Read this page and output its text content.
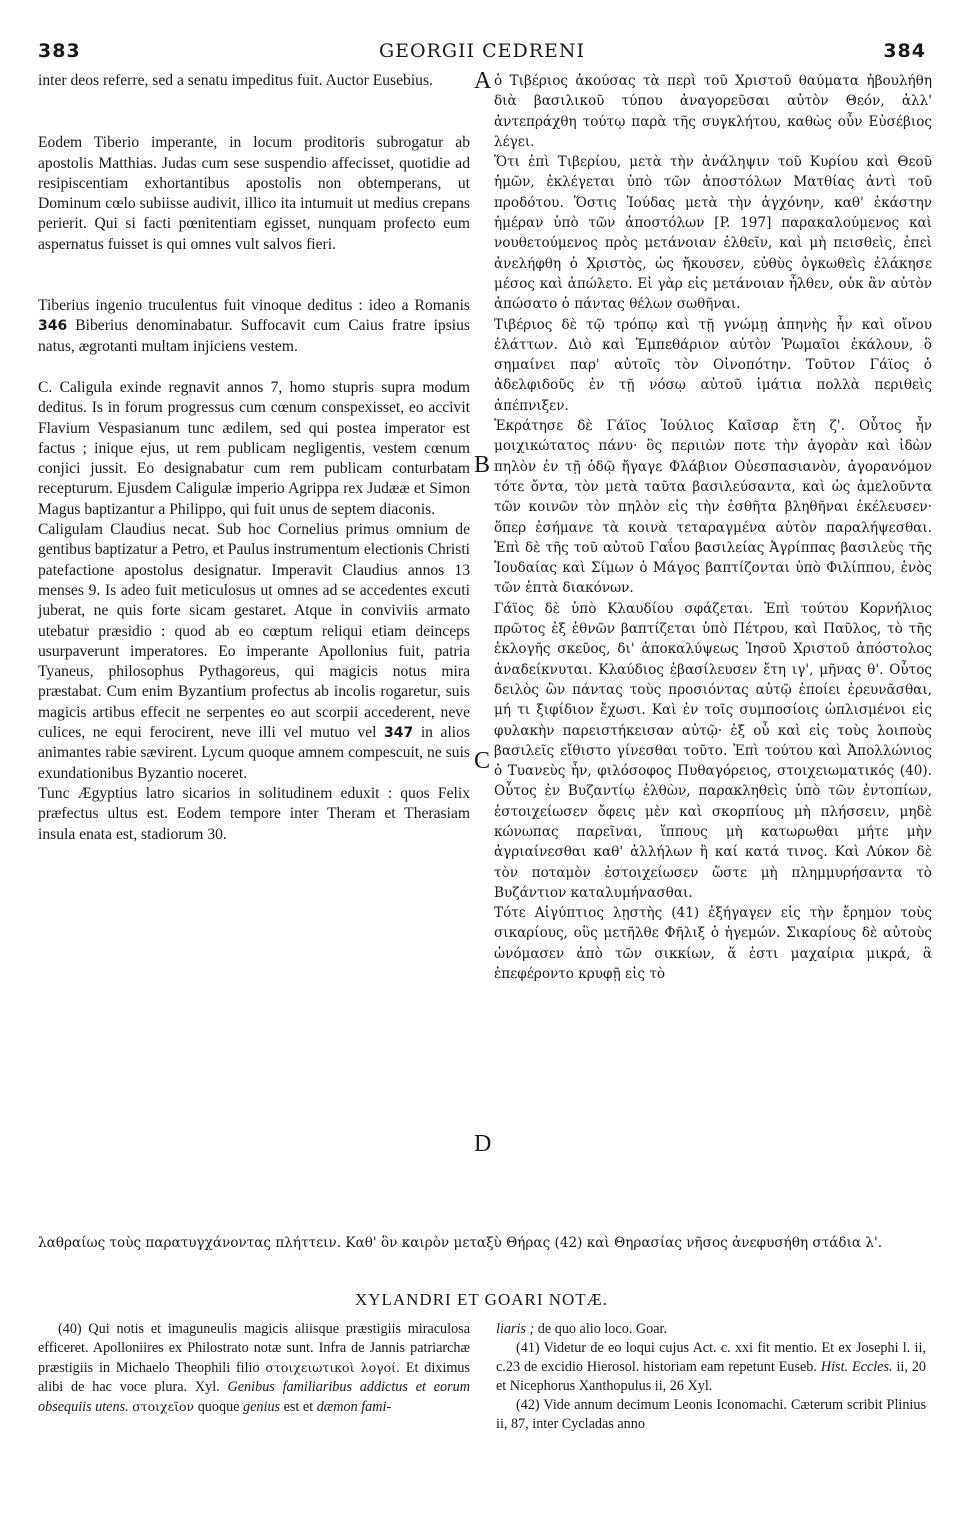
383	GEORGII CEDRENI	384

inter deos referre, sed a senatu impeditus fuit. Auctor Eusebius.

Eodem Tiberio imperante, in locum proditoris subrogatur ab apostolis Matthias. Judas cum sese suspendio affecisset, quotidie ad resipiscentiam exhortantibus apostolis non obtemperans, ut Dominum cœlo subiisse audivit, illico ita intumuit ut medius crepans perierit. Qui si facti pœnitentiam egisset, nunquam profecto eum aspernatus fuisset is qui omnes vult salvos fieri.

Tiberius ingenio truculentus fuit vinoque deditus : ideo a Romanis 346 Biberius denominabatur. Suffocavit cum Caius fratre ipsius natus, ægrotanti multam injiciens vestem.

C. Caligula exinde regnavit annos 7, homo stupris supra modum deditus. Is in forum progressus cum cœnum conspexisset, eo accivit Flavium Vespasianum tunc ædilem, sed qui postea imperator est factus ; inique ejus, ut rem publicam negligentis, vestem cœnum conjici jussit. Eo designabatur cum rem publicam conturbatam recepturum. Ejusdem Caligulæ imperio Agrippa rex Judææ et Simon Magus baptizantur a Philippo, qui fuit unus de septem diaconis.

Caligulam Claudius necat. Sub hoc Cornelius primus omnium de gentibus baptizatur a Petro, et Paulus instrumentum electionis Christi patefactione apostolus designatur. Imperavit Claudius annos 13 menses 9. Is adeo fuit meticulosus ut omnes ad se accedentes excuti juberat, ne quis forte sicam gestaret. Atque in conviviis armato utebatur præsidio : quod ab eo cœptum reliqui etiam deinceps usurpaverunt imperatores. Eo imperante Apollonius fuit, patria Tyaneus, philosophus Pythagoreus, qui magicis notus mira præstabat. Cum enim Byzantium profectus ab incolis rogaretur, suis magicis artibus effecit ne serpentes eo aut scorpii accederent, neve culices, ne equi ferocirent, neve illi vel mutuo vel 347 in alios animantes rabie sævirent. Lycum quoque amnem compescuit, ne suis exundationibus Byzantio noceret.

Tunc Ægyptius latro sicarios in solitudinem eduxit : quos Felix præfectus ultus est. Eodem tempore inter Theram et Therasiam insula enata est, stadiorum 30.

A
B
C
D

ὁ Τιβέριος ἀκούσας τὰ περὶ τοῦ Χριστοῦ θαύματα ἠβουλήθη διὰ βασιλικοῦ τύπου ἀναγορεῦσαι αὐτὸν Θεόν, ἀλλ' ἀντεπράχθη τούτῳ παρὰ τῆς συγκλήτου, καθὼς οὖν Εὐσέβιος λέγει.

Ὅτι ἐπὶ Τιβερίου, μετὰ τὴν ἀνάληψιν τοῦ Κυρίου καὶ Θεοῦ ἡμῶν, ἐκλέγεται ὑπὸ τῶν ἀποστόλων Ματθίας ἀντὶ τοῦ προδότου. Ὅστις Ἰούδας μετὰ τὴν ἀγχόνην, καθ' ἑκάστην ἡμέραν ὑπὸ τῶν ἀποστόλων [P. 197] παρακαλούμενος καὶ νουθετούμενος πρὸς μετάνοιαν ἐλθεῖν, καὶ μὴ πεισθεὶς, ἐπεὶ ἀνελήφθη ὁ Χριστὸς, ὡς ἤκουσεν, εὐθὺς ὀγκωθεὶς ἐλάκησε μέσος καὶ ἀπώλετο. Εἰ γὰρ εἰς μετάνοιαν ἦλθεν, οὐκ ἂν αὐτὸν ἀπώσατο ὁ πάντας θέλων σωθῆναι.

Τιβέριος δὲ τῷ τρόπῳ καὶ τῇ γνώμῃ ἀπηνὴς ἦν καὶ οἴνου ἐλάττων. Διὸ καὶ Ἐμπεθάριον αὐτὸν Ῥωμαῖοι ἐκάλουν, ὃ σημαίνει παρ' αὐτοῖς τὸν Οἰνοπότην. Τοῦτον Γάϊος ὁ ἀδελφιδοῦς ἐν τῇ νόσῳ αὐτοῦ ἱμάτια πολλὰ περιθεὶς ἀπέπνιξεν.

Ἐκράτησε δὲ Γάϊος Ἰούλιος Καῖσαρ ἔτη ζ'. Οὗτος ἦν μοιχικώτατος πάνυ· ὃς περιιὼν ποτε τὴν ἀγορὰν καὶ ἰδὼν πηλὸν ἐν τῇ ὁδῷ ἤγαγε Φλάβιον Οὐεσπασιανὸν, ἀγορανόμον τότε ὄντα, τὸν μετὰ ταῦτα βασιλεύσαντα, καὶ ὡς ἀμελοῦντα τῶν κοινῶν τὸν πηλὸν εἰς τὴν ἐσθῆτα βληθῆναι ἐκέλευσεν· ὅπερ ἐσήμανε τὰ κοινὰ τεταραγμένα αὐτὸν παραλήψεσθαι. Ἐπὶ δὲ τῆς τοῦ αὐτοῦ Γαΐου βασιλείας Ἀγρίππας βασιλεὺς τῆς Ἰουδαίας καὶ Σίμων ὁ Μάγος βαπτίζονται ὑπὸ Φιλίππου, ἑνὸς τῶν ἑπτὰ διακόνων.

Γάϊος δὲ ὑπὸ Κλαυδίου σφάζεται. Ἐπὶ τούτου Κορνήλιος πρῶτος ἐξ ἐθνῶν βαπτίζεται ὑπὸ Πέτρου, καὶ Παῦλος, τὸ τῆς ἐκλογῆς σκεῦος, δι' ἀποκαλύψεως Ἰησοῦ Χριστοῦ ἀπόστολος ἀναδείκνυται. Κλαύδιος ἐβασίλευσεν ἔτη ιγ', μῆνας θ'. Οὗτος δειλὸς ὢν πάντας τοὺς προσιόντας αὐτῷ ἐποίει ἐρευνᾶσθαι, μή τι ξιφίδιον ἔχωσι. Καὶ ἐν τοῖς συμποσίοις ὡπλισμένοι εἰς φυλακὴν παρειστήκεισαν αὐτῷ· ἐξ οὗ καὶ εἰς τοὺς λοιποὺς βασιλεῖς εἴθιστο γίνεσθαι τοῦτο. Ἐπὶ τούτου καὶ Ἀπολλώνιος ὁ Τυανεὺς ἦν, φιλόσοφος Πυθαγόρειος, στοιχειωματικός (40). Οὗτος ἐν Βυζαντίῳ ἐλθὼν, παρακληθεὶς ὑπὸ τῶν ἐντοπίων, ἐστοιχείωσεν ὄφεις μὲν καὶ σκορπίους μὴ πλήσσειν, μηδὲ κώνωπας παρεῖναι, ἵππους μὴ κατωρωθαι μήτε μὴν ἀγριαίνεσθαι καθ' ἀλλήλων ἢ καί κατά τινος. Καὶ Λύκον δὲ τὸν ποταμὸν ἐστοιχείωσεν ὥστε μὴ πλημμυρήσαντα τὸ Βυζάντιον καταλυμήνασθαι.

Τότε Αἰγύπτιος λῃστὴς (41) ἐξήγαγεν εἰς τὴν ἔρημον τοὺς σικαρίους, οὓς μετῆλθε Φῆλιξ ὁ ἡγεμών. Σικαρίους δὲ αὐτοὺς ὠνόμασεν ἀπὸ τῶν σικκίων, ἅ ἐστι μαχαίρια μικρά, ἃ ἐπεφέροντο κρυφῇ εἰς τὸ

λαθραίως τοὺς παρατυγχάνοντας πλήττειν. Καθ' ὃν καιρὸν μεταξὺ Θήρας (42) καὶ Θηρασίας νῆσος ἀνεφυσήθη στάδια λ'.
XYLANDRI ET GOARI NOTÆ.

(40) Qui notis et imaguneulis magicis aliisque præstigiis miraculosa efficeret. Apolloniires ex Philostrato notæ sunt. Infra de Jannis patriarchæ præstigiis in Michaelo Theophili filio στοιχειωτικοὶ λογοί. Et diximus alibi de hac voce plura. Xyl. Genibus familiaribus addictus et eorum obsequiis utens. στοιχεῖον quoque genius est et dæmon fami-

liaris ; de quo alio loco. Goar.

(41) Videtur de eo loqui cujus Act. c. xxi fit mentio. Et ex Josephi l. ii, c.23 de excidio Hierosol. historiam eam repetunt Euseb. Hist. Eccles. ii, 20 et Nicephorus Xanthopulus ii, 26 Xyl.

(42) Vide annum decimum Leonis Iconomachi. Cæterum scribit Plinius ii, 87, inter Cycladas anno
